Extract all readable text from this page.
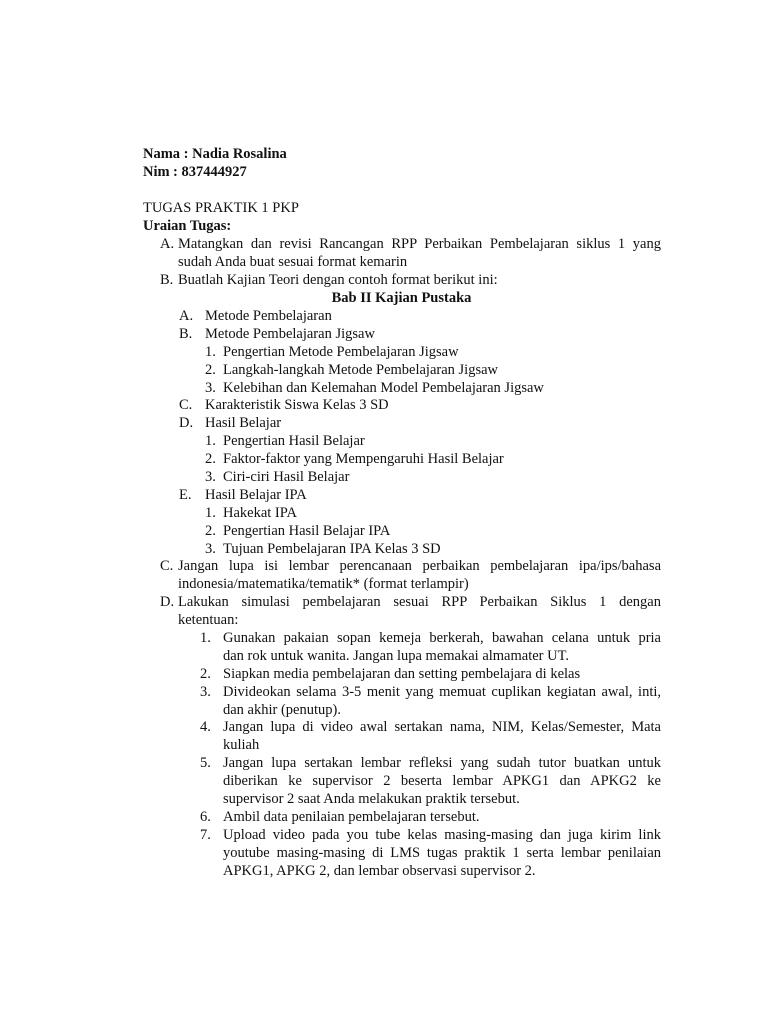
Nama : Nadia Rosalina
Nim : 837444927
TUGAS PRAKTIK 1 PKP
Uraian Tugas:
A. Matangkan dan revisi Rancangan RPP Perbaikan Pembelajaran siklus 1 yang
sudah Anda buat sesuai format kemarin
B. Buatlah Kajian Teori dengan contoh format berikut ini:
Bab II Kajian Pustaka
A. Metode Pembelajaran
B. Metode Pembelajaran Jigsaw
1. Pengertian Metode Pembelajaran Jigsaw
2. Langkah-langkah Metode Pembelajaran Jigsaw
3. Kelebihan dan Kelemahan Model Pembelajaran Jigsaw
C. Karakteristik Siswa Kelas 3 SD
D. Hasil Belajar
1. Pengertian Hasil Belajar
2. Faktor-faktor yang Mempengaruhi Hasil Belajar
3. Ciri-ciri Hasil Belajar
E. Hasil Belajar IPA
1. Hakekat IPA
2. Pengertian Hasil Belajar IPA
3. Tujuan Pembelajaran IPA Kelas 3 SD
C. Jangan lupa isi lembar perencanaan perbaikan pembelajaran ipa/ips/bahasa
indonesia/matematika/tematik* (format terlampir)
D. Lakukan simulasi pembelajaran sesuai RPP Perbaikan Siklus 1 dengan
ketentuan:
1. Gunakan pakaian sopan kemeja berkerah, bawahan celana untuk pria
dan rok untuk wanita. Jangan lupa memakai almamater UT.
2. Siapkan media pembelajaran dan setting pembelajara di kelas
3. Divideokan selama 3-5 menit yang memuat cuplikan kegiatan awal, inti,
dan akhir (penutup).
4. Jangan lupa di video awal sertakan nama, NIM, Kelas/Semester, Mata
kuliah
5. Jangan lupa sertakan lembar refleksi yang sudah tutor buatkan untuk
diberikan ke supervisor 2 beserta lembar APKG1 dan APKG2 ke
supervisor 2 saat Anda melakukan praktik tersebut.
6. Ambil data penilaian pembelajaran tersebut.
7. Upload video pada you tube kelas masing-masing dan juga kirim link
youtube masing-masing di LMS tugas praktik 1 serta lembar penilaian
APKG1, APKG 2, dan lembar observasi supervisor 2.
